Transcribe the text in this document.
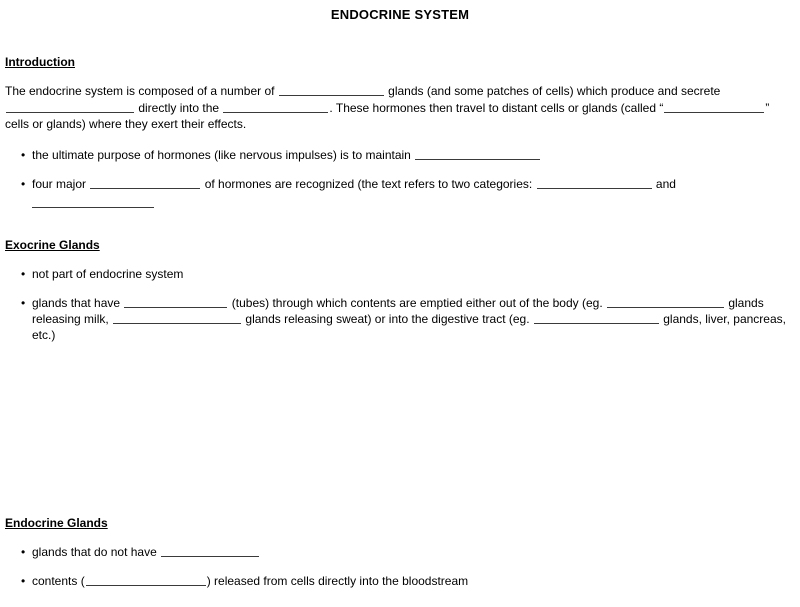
ENDOCRINE SYSTEM
Introduction
The endocrine system is composed of a number of	glands (and some patches of cells) which produce and secrete  directly into the	. These hormones then travel to distant cells or glands (called “	” cells or glands) where they exert their effects.
• the ultimate purpose of hormones (like nervous impulses) is to maintain
• four major	of hormones are recognized (the text refers to two categories:	and

Exocrine Glands
• not part of endocrine system
• glands that have	(tubes) through which contents are emptied either out of the body (eg.	glands releasing milk,	glands releasing sweat) or into the digestive tract (eg.	glands, liver, pancreas, etc.)
Endocrine Glands
• glands that do not have
• contents (	) released from cells directly into the bloodstream
